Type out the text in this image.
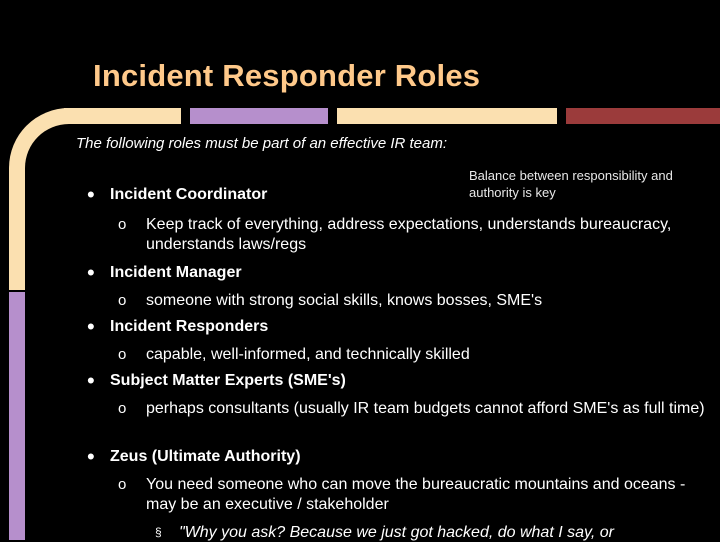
Incident Responder Roles
The following roles must be part of an effective IR team:
Balance between responsibility and authority is key
• Incident Coordinator
o Keep track of everything, address expectations, understands bureaucracy, understands laws/regs
• Incident Manager
o someone with strong social skills, knows bosses, SME's
• Incident Responders
o capable, well-informed, and technically skilled
• Subject Matter Experts (SME's)
o perhaps consultants (usually IR team budgets cannot afford SME's as full time)
• Zeus (Ultimate Authority)
o You need someone who can move the bureaucratic mountains and oceans - may be an executive / stakeholder
§ "Why you ask? Because we just got hacked, do what I say, or
